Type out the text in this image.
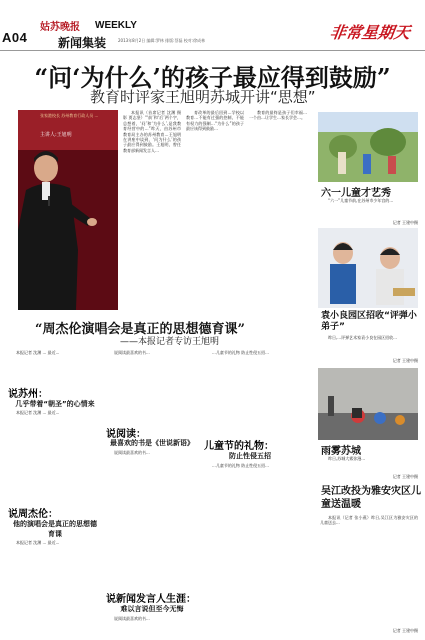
A04
姑苏晚报 WEEKLY
新闻集装	2013年8月2日 编辑:罗林 排版:蔡磊 校对:徐成林	非常星期天
“问‘为什么’的孩子最应得到鼓励”
教育时评家王旭明苏城开讲“思想”
张家港校长 苏州教育行政人员 ...
主讲人:王旭明

本报讯（首席记者 沈渊 摄影 贾志坚）“‘前’和‘后’两个字，总想着，‘问’和‘为什么’,是我教育经营中的…”昨天，由苏州市教育局主办的苏州教育…王旭明在讲座中谈到，‘问为什么’的孩子最应得到鼓励。王旭明，曾任教育部新闻发言人…

育改革的最后回到…学校以教育…不能有过强的控制、不能有权力的强制…“为什么”的孩子最应该得到鼓励…

教育的最终是孩子们幸福…一个由…让学生…家长学会…。

“周杰伦演唱会是真正的思想德育课”
——本报记者专访王旭明

本报记者 沈渊 ... 最近...

说苏州：
几乎带着“朝圣”的心情来

本报记者 沈渊 ... 最近...

说周杰伦：
他的演唱会是真正的思想德育课

本报记者 沈渊 ... 最近...

说阅读最喜欢的书...

说阅读：
最喜欢的书是《世说新语》

说阅读最喜欢的书...

说新闻发言人生涯：
难以言说但至今无悔

说阅读最喜欢的书...

...儿童节的礼物 防止性侵五招...

儿童节的礼物：
防止性侵五招

...儿童节的礼物 防止性侵五招...

六一儿童才艺秀

“六一”儿童节前,在苏州市少年宫的...

记者 王建中摄
袁小良园区招收“评弹小弟子”

昨日,...评弹艺术家袁小良在园区招收...

记者 王建中摄
雨雾苏城

昨日,苏城大雾弥漫...

记者 王建中摄
吴江改投为雅安灾区儿童送温暖

本报讯（记者 张小燕）昨日,吴江区为雅安灾区的儿童送去...

记者 王建中摄
